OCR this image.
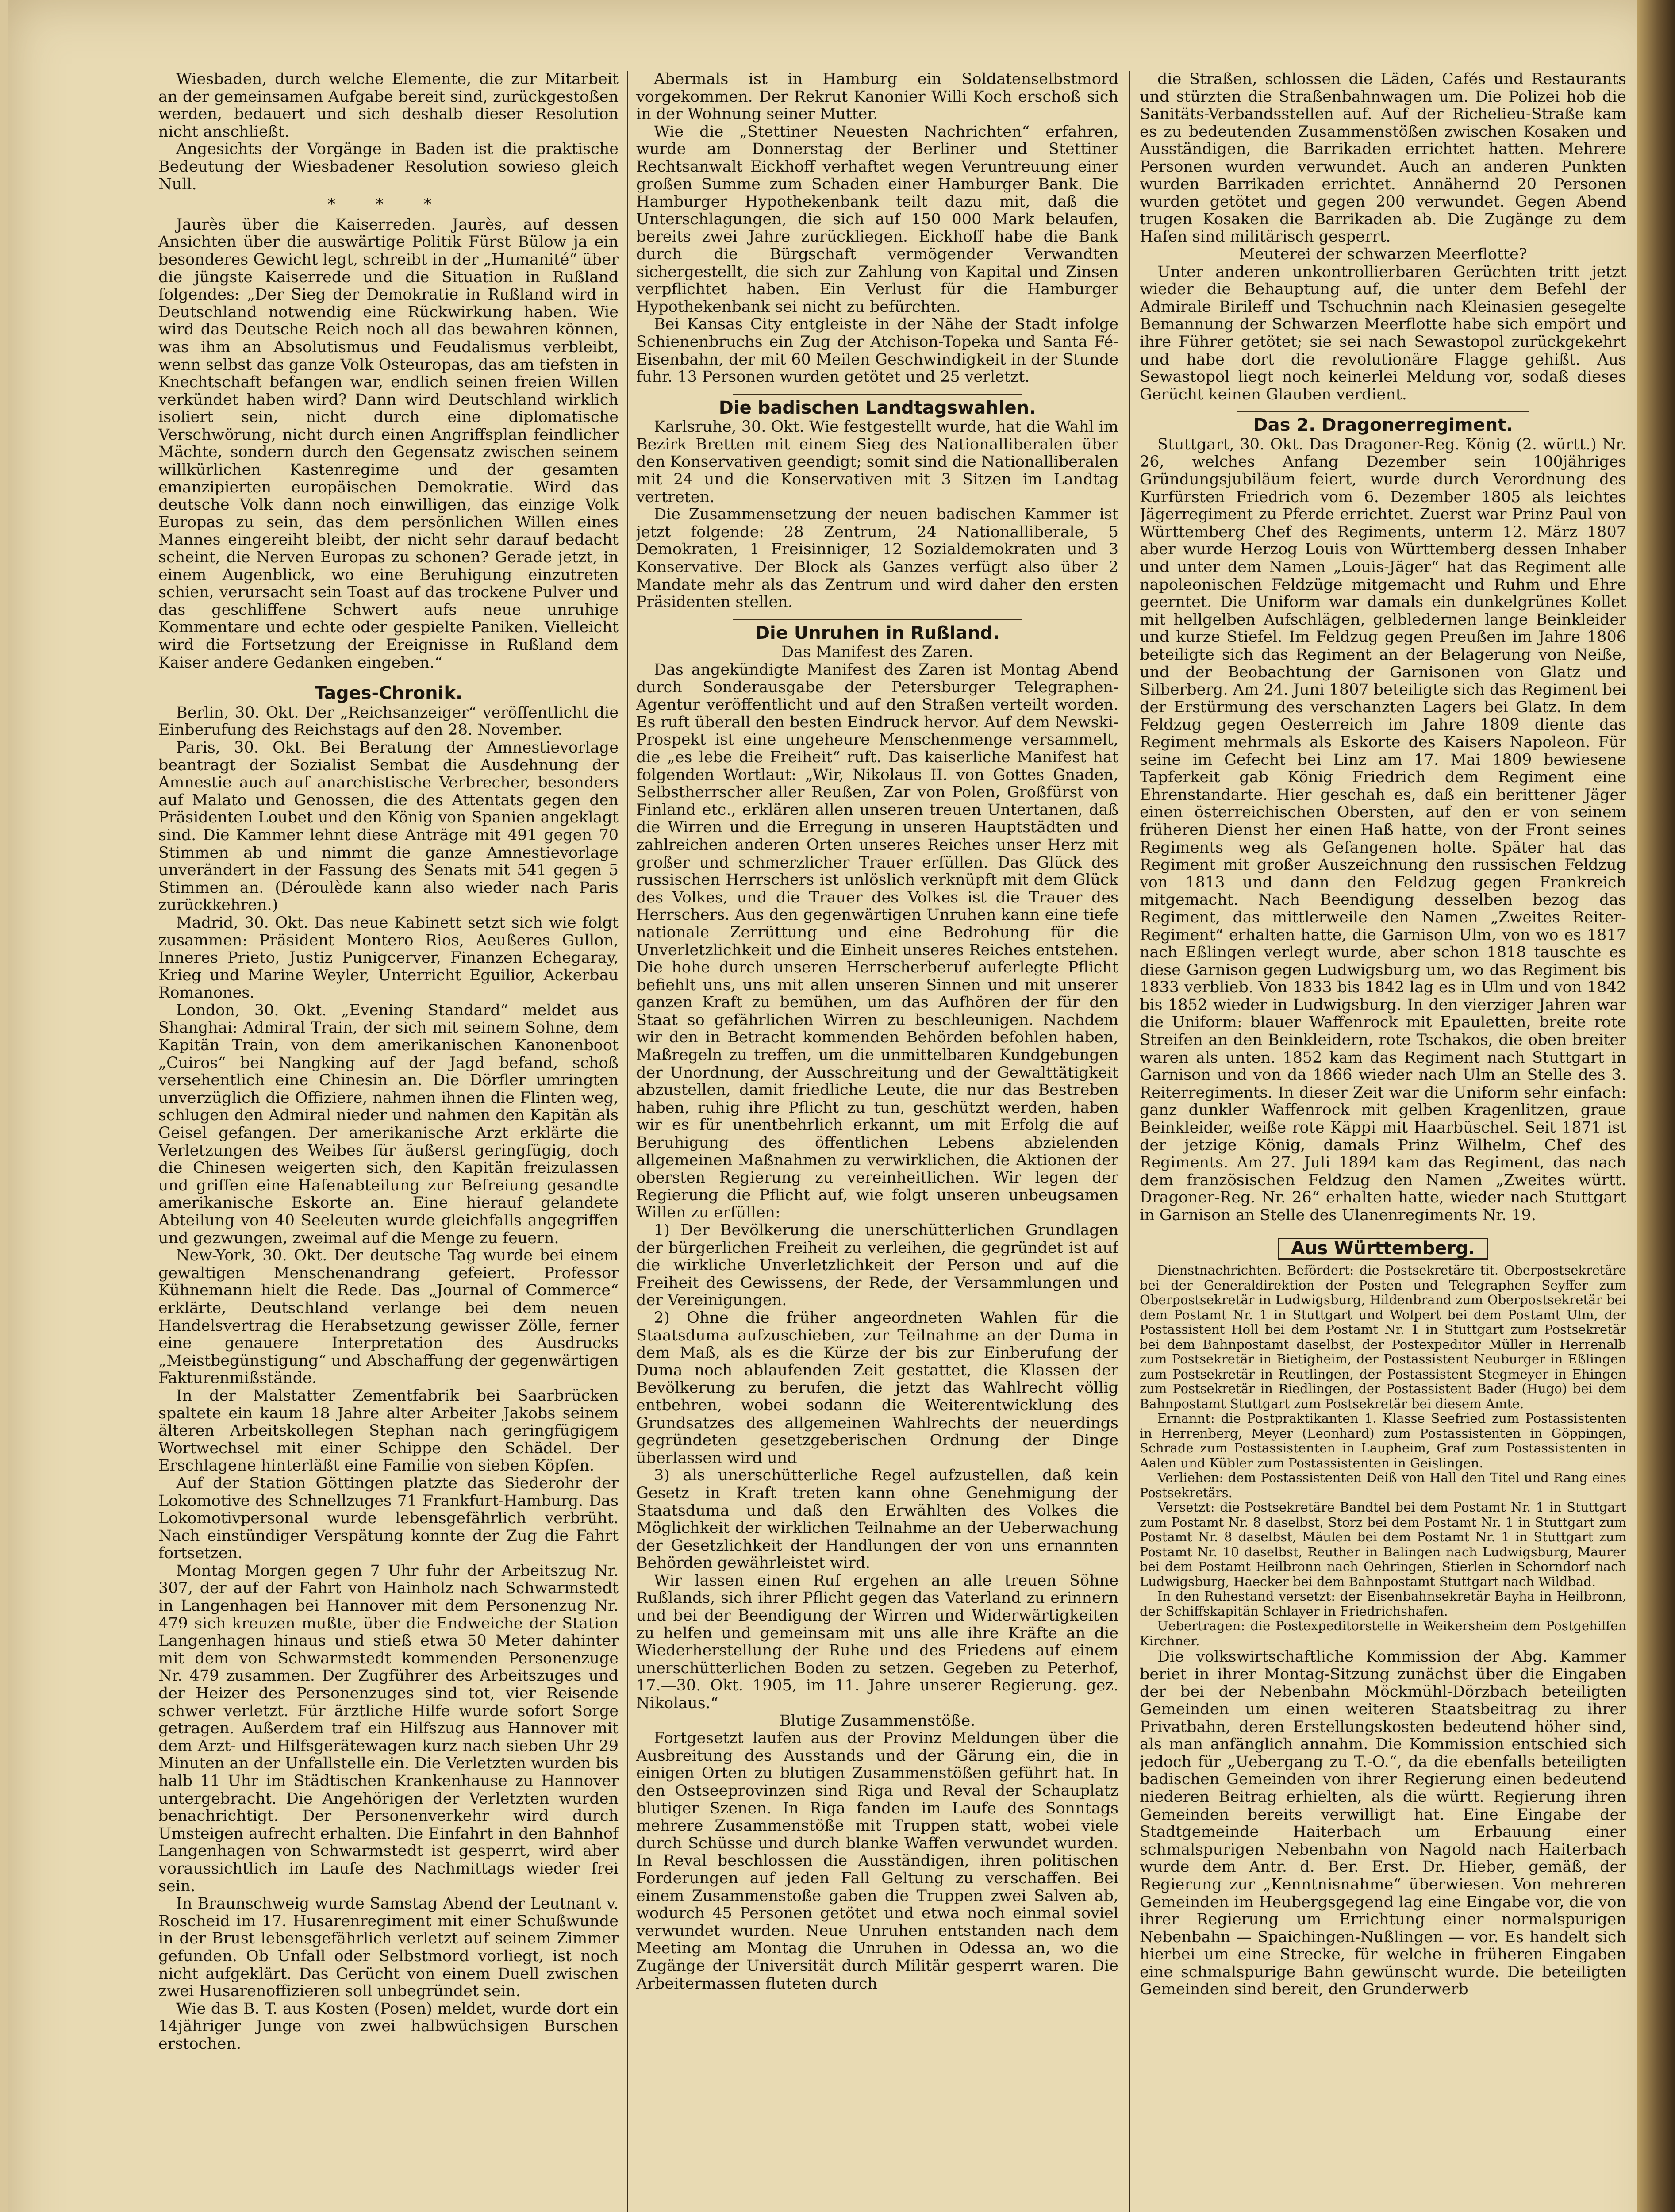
Wiesbaden, durch welche Elemente, die zur Mitarbeit an der gemeinsamen Aufgabe bereit sind, zurückgestoßen werden, bedauert und sich deshalb dieser Resolution nicht anschließt.

Angesichts der Vorgänge in Baden ist die praktische Bedeutung der Wiesbadener Resolution sowieso gleich Null.

* * *

Jaurès über die Kaiserreden. Jaurès, auf dessen Ansichten über die auswärtige Politik Fürst Bülow ja ein besonderes Gewicht legt, schreibt in der „Humanité“ über die jüngste Kaiserrede und die Situation in Rußland folgendes: „Der Sieg der Demokratie in Rußland wird in Deutschland notwendig eine Rückwirkung haben. Wie wird das Deutsche Reich noch all das bewahren können, was ihm an Absolutismus und Feudalismus verbleibt, wenn selbst das ganze Volk Osteuropas, das am tiefsten in Knechtschaft befangen war, endlich seinen freien Willen verkündet haben wird? Dann wird Deutschland wirklich isoliert sein, nicht durch eine diplomatische Verschwörung, nicht durch einen Angriffsplan feindlicher Mächte, sondern durch den Gegensatz zwischen seinem willkürlichen Kastenregime und der gesamten emanzipierten europäischen Demokratie. Wird das deutsche Volk dann noch einwilligen, das einzige Volk Europas zu sein, das dem persönlichen Willen eines Mannes eingereiht bleibt, der nicht sehr darauf bedacht scheint, die Nerven Europas zu schonen? Gerade jetzt, in einem Augenblick, wo eine Beruhigung einzutreten schien, verursacht sein Toast auf das trockene Pulver und das geschliffene Schwert aufs neue unruhige Kommentare und echte oder gespielte Paniken. Vielleicht wird die Fortsetzung der Ereignisse in Rußland dem Kaiser andere Gedanken eingeben.“

Tages-Chronik.

Berlin, 30. Okt. Der „Reichsanzeiger“ veröffentlicht die Einberufung des Reichstags auf den 28. November.

Paris, 30. Okt. Bei Beratung der Amnestievorlage beantragt der Sozialist Sembat die Ausdehnung der Amnestie auch auf anarchistische Verbrecher, besonders auf Malato und Genossen, die des Attentats gegen den Präsidenten Loubet und den König von Spanien angeklagt sind. Die Kammer lehnt diese Anträge mit 491 gegen 70 Stimmen ab und nimmt die ganze Amnestievorlage unverändert in der Fassung des Senats mit 541 gegen 5 Stimmen an. (Déroulède kann also wieder nach Paris zurückkehren.)

Madrid, 30. Okt. Das neue Kabinett setzt sich wie folgt zusammen: Präsident Montero Rios, Aeußeres Gullon, Inneres Prieto, Justiz Punigcerver, Finanzen Echegaray, Krieg und Marine Weyler, Unterricht Eguilior, Ackerbau Romanones.

London, 30. Okt. „Evening Standard“ meldet aus Shanghai: Admiral Train, der sich mit seinem Sohne, dem Kapitän Train, von dem amerikanischen Kanonenboot „Cuiros“ bei Nangking auf der Jagd befand, schoß versehentlich eine Chinesin an. Die Dörfler umringten unverzüglich die Offiziere, nahmen ihnen die Flinten weg, schlugen den Admiral nieder und nahmen den Kapitän als Geisel gefangen. Der amerikanische Arzt erklärte die Verletzungen des Weibes für äußerst geringfügig, doch die Chinesen weigerten sich, den Kapitän freizulassen und griffen eine Hafenabteilung zur Befreiung gesandte amerikanische Eskorte an. Eine hierauf gelandete Abteilung von 40 Seeleuten wurde gleichfalls angegriffen und gezwungen, zweimal auf die Menge zu feuern.

New-York, 30. Okt. Der deutsche Tag wurde bei einem gewaltigen Menschenandrang gefeiert. Professor Kühnemann hielt die Rede. Das „Journal of Commerce“ erklärte, Deutschland verlange bei dem neuen Handelsvertrag die Herabsetzung gewisser Zölle, ferner eine genauere Interpretation des Ausdrucks „Meistbegünstigung“ und Abschaffung der gegenwärtigen Fakturenmißstände.

In der Malstatter Zementfabrik bei Saarbrücken spaltete ein kaum 18 Jahre alter Arbeiter Jakobs seinem älteren Arbeitskollegen Stephan nach geringfügigem Wortwechsel mit einer Schippe den Schädel. Der Erschlagene hinterläßt eine Familie von sieben Köpfen.

Auf der Station Göttingen platzte das Siederohr der Lokomotive des Schnellzuges 71 Frankfurt-Hamburg. Das Lokomotivpersonal wurde lebensgefährlich verbrüht. Nach einstündiger Verspätung konnte der Zug die Fahrt fortsetzen.

Montag Morgen gegen 7 Uhr fuhr der Arbeitszug Nr. 307, der auf der Fahrt von Hainholz nach Schwarmstedt in Langenhagen bei Hannover mit dem Personenzug Nr. 479 sich kreuzen mußte, über die Endweiche der Station Langenhagen hinaus und stieß etwa 50 Meter dahinter mit dem von Schwarmstedt kommenden Personenzuge Nr. 479 zusammen. Der Zugführer des Arbeitszuges und der Heizer des Personenzuges sind tot, vier Reisende schwer verletzt. Für ärztliche Hilfe wurde sofort Sorge getragen. Außerdem traf ein Hilfszug aus Hannover mit dem Arzt- und Hilfsgerätewagen kurz nach sieben Uhr 29 Minuten an der Unfallstelle ein. Die Verletzten wurden bis halb 11 Uhr im Städtischen Krankenhause zu Hannover untergebracht. Die Angehörigen der Verletzten wurden benachrichtigt. Der Personenverkehr wird durch Umsteigen aufrecht erhalten. Die Einfahrt in den Bahnhof Langenhagen von Schwarmstedt ist gesperrt, wird aber voraussichtlich im Laufe des Nachmittags wieder frei sein.

In Braunschweig wurde Samstag Abend der Leutnant v. Roscheid im 17. Husarenregiment mit einer Schußwunde in der Brust lebensgefährlich verletzt auf seinem Zimmer gefunden. Ob Unfall oder Selbstmord vorliegt, ist noch nicht aufgeklärt. Das Gerücht von einem Duell zwischen zwei Husarenoffizieren soll unbegründet sein.

Wie das B. T. aus Kosten (Posen) meldet, wurde dort ein 14jähriger Junge von zwei halbwüchsigen Burschen erstochen.

Abermals ist in Hamburg ein Soldatenselbstmord vorgekommen. Der Rekrut Kanonier Willi Koch erschoß sich in der Wohnung seiner Mutter.

Wie die „Stettiner Neuesten Nachrichten“ erfahren, wurde am Donnerstag der Berliner und Stettiner Rechtsanwalt Eickhoff verhaftet wegen Veruntreuung einer großen Summe zum Schaden einer Hamburger Bank. Die Hamburger Hypothekenbank teilt dazu mit, daß die Unterschlagungen, die sich auf 150 000 Mark belaufen, bereits zwei Jahre zurückliegen. Eickhoff habe die Bank durch die Bürgschaft vermögender Verwandten sichergestellt, die sich zur Zahlung von Kapital und Zinsen verpflichtet haben. Ein Verlust für die Hamburger Hypothekenbank sei nicht zu befürchten.

Bei Kansas City entgleiste in der Nähe der Stadt infolge Schienenbruchs ein Zug der Atchison-Topeka und Santa Fé-Eisenbahn, der mit 60 Meilen Geschwindigkeit in der Stunde fuhr. 13 Personen wurden getötet und 25 verletzt.

Die badischen Landtagswahlen.

Karlsruhe, 30. Okt. Wie festgestellt wurde, hat die Wahl im Bezirk Bretten mit einem Sieg des Nationalliberalen über den Konservativen geendigt; somit sind die Nationalliberalen mit 24 und die Konservativen mit 3 Sitzen im Landtag vertreten.

Die Zusammensetzung der neuen badischen Kammer ist jetzt folgende: 28 Zentrum, 24 Nationalliberale, 5 Demokraten, 1 Freisinniger, 12 Sozialdemokraten und 3 Konservative. Der Block als Ganzes verfügt also über 2 Mandate mehr als das Zentrum und wird daher den ersten Präsidenten stellen.

Die Unruhen in Rußland.

Das Manifest des Zaren.

Das angekündigte Manifest des Zaren ist Montag Abend durch Sonderausgabe der Petersburger Telegraphen-Agentur veröffentlicht und auf den Straßen verteilt worden. Es ruft überall den besten Eindruck hervor. Auf dem Newski-Prospekt ist eine ungeheure Menschenmenge versammelt, die „es lebe die Freiheit“ ruft. Das kaiserliche Manifest hat folgenden Wortlaut: „Wir, Nikolaus II. von Gottes Gnaden, Selbstherrscher aller Reußen, Zar von Polen, Großfürst von Finland etc., erklären allen unseren treuen Untertanen, daß die Wirren und die Erregung in unseren Hauptstädten und zahlreichen anderen Orten unseres Reiches unser Herz mit großer und schmerzlicher Trauer erfüllen. Das Glück des russischen Herrschers ist unlöslich verknüpft mit dem Glück des Volkes, und die Trauer des Volkes ist die Trauer des Herrschers. Aus den gegenwärtigen Unruhen kann eine tiefe nationale Zerrüttung und eine Bedrohung für die Unverletzlichkeit und die Einheit unseres Reiches entstehen. Die hohe durch unseren Herrscherberuf auferlegte Pflicht befiehlt uns, uns mit allen unseren Sinnen und mit unserer ganzen Kraft zu bemühen, um das Aufhören der für den Staat so gefährlichen Wirren zu beschleunigen. Nachdem wir den in Betracht kommenden Behörden befohlen haben, Maßregeln zu treffen, um die unmittelbaren Kundgebungen der Unordnung, der Ausschreitung und der Gewalttätigkeit abzustellen, damit friedliche Leute, die nur das Bestreben haben, ruhig ihre Pflicht zu tun, geschützt werden, haben wir es für unentbehrlich erkannt, um mit Erfolg die auf Beruhigung des öffentlichen Lebens abzielenden allgemeinen Maßnahmen zu verwirklichen, die Aktionen der obersten Regierung zu vereinheitlichen. Wir legen der Regierung die Pflicht auf, wie folgt unseren unbeugsamen Willen zu erfüllen:

1) Der Bevölkerung die unerschütterlichen Grundlagen der bürgerlichen Freiheit zu verleihen, die gegründet ist auf die wirkliche Unverletzlichkeit der Person und auf die Freiheit des Gewissens, der Rede, der Versammlungen und der Vereinigungen.

2) Ohne die früher angeordneten Wahlen für die Staatsduma aufzuschieben, zur Teilnahme an der Duma in dem Maß, als es die Kürze der bis zur Einberufung der Duma noch ablaufenden Zeit gestattet, die Klassen der Bevölkerung zu berufen, die jetzt das Wahlrecht völlig entbehren, wobei sodann die Weiterentwicklung des Grundsatzes des allgemeinen Wahlrechts der neuerdings gegründeten gesetzgeberischen Ordnung der Dinge überlassen wird und

3) als unerschütterliche Regel aufzustellen, daß kein Gesetz in Kraft treten kann ohne Genehmigung der Staatsduma und daß den Erwählten des Volkes die Möglichkeit der wirklichen Teilnahme an der Ueberwachung der Gesetzlichkeit der Handlungen der von uns ernannten Behörden gewährleistet wird.

Wir lassen einen Ruf ergehen an alle treuen Söhne Rußlands, sich ihrer Pflicht gegen das Vaterland zu erinnern und bei der Beendigung der Wirren und Widerwärtigkeiten zu helfen und gemeinsam mit uns alle ihre Kräfte an die Wiederherstellung der Ruhe und des Friedens auf einem unerschütterlichen Boden zu setzen. Gegeben zu Peterhof, 17.—30. Okt. 1905, im 11. Jahre unserer Regierung. gez. Nikolaus.“

Blutige Zusammenstöße.

Fortgesetzt laufen aus der Provinz Meldungen über die Ausbreitung des Ausstands und der Gärung ein, die in einigen Orten zu blutigen Zusammenstößen geführt hat. In den Ostseeprovinzen sind Riga und Reval der Schauplatz blutiger Szenen. In Riga fanden im Laufe des Sonntags mehrere Zusammenstöße mit Truppen statt, wobei viele durch Schüsse und durch blanke Waffen verwundet wurden. In Reval beschlossen die Ausständigen, ihren politischen Forderungen auf jeden Fall Geltung zu verschaffen. Bei einem Zusammenstoße gaben die Truppen zwei Salven ab, wodurch 45 Personen getötet und etwa noch einmal soviel verwundet wurden. Neue Unruhen entstanden nach dem Meeting am Montag die Unruhen in Odessa an, wo die Zugänge der Universität durch Militär gesperrt waren. Die Arbeitermassen fluteten durch

die Straßen, schlossen die Läden, Cafés und Restaurants und stürzten die Straßenbahnwagen um. Die Polizei hob die Sanitäts-Verbandsstellen auf. Auf der Richelieu-Straße kam es zu bedeutenden Zusammenstößen zwischen Kosaken und Ausständigen, die Barrikaden errichtet hatten. Mehrere Personen wurden verwundet. Auch an anderen Punkten wurden Barrikaden errichtet. Annähernd 20 Personen wurden getötet und gegen 200 verwundet. Gegen Abend trugen Kosaken die Barrikaden ab. Die Zugänge zu dem Hafen sind militärisch gesperrt.

Meuterei der schwarzen Meerflotte?

Unter anderen unkontrollierbaren Gerüchten tritt jetzt wieder die Behauptung auf, die unter dem Befehl der Admirale Birileff und Tschuchnin nach Kleinasien gesegelte Bemannung der Schwarzen Meerflotte habe sich empört und ihre Führer getötet; sie sei nach Sewastopol zurückgekehrt und habe dort die revolutionäre Flagge gehißt. Aus Sewastopol liegt noch keinerlei Meldung vor, sodaß dieses Gerücht keinen Glauben verdient.

Das 2. Dragonerregiment.

Stuttgart, 30. Okt. Das Dragoner-Reg. König (2. württ.) Nr. 26, welches Anfang Dezember sein 100jähriges Gründungsjubiläum feiert, wurde durch Verordnung des Kurfürsten Friedrich vom 6. Dezember 1805 als leichtes Jägerregiment zu Pferde errichtet. Zuerst war Prinz Paul von Württemberg Chef des Regiments, unterm 12. März 1807 aber wurde Herzog Louis von Württemberg dessen Inhaber und unter dem Namen „Louis-Jäger“ hat das Regiment alle napoleonischen Feldzüge mitgemacht und Ruhm und Ehre geerntet. Die Uniform war damals ein dunkelgrünes Kollet mit hellgelben Aufschlägen, gelbledernen lange Beinkleider und kurze Stiefel. Im Feldzug gegen Preußen im Jahre 1806 beteiligte sich das Regiment an der Belagerung von Neiße, und der Beobachtung der Garnisonen von Glatz und Silberberg. Am 24. Juni 1807 beteiligte sich das Regiment bei der Erstürmung des verschanzten Lagers bei Glatz. In dem Feldzug gegen Oesterreich im Jahre 1809 diente das Regiment mehrmals als Eskorte des Kaisers Napoleon. Für seine im Gefecht bei Linz am 17. Mai 1809 bewiesene Tapferkeit gab König Friedrich dem Regiment eine Ehrenstandarte. Hier geschah es, daß ein berittener Jäger einen österreichischen Obersten, auf den er von seinem früheren Dienst her einen Haß hatte, von der Front seines Regiments weg als Gefangenen holte. Später hat das Regiment mit großer Auszeichnung den russischen Feldzug von 1813 und dann den Feldzug gegen Frankreich mitgemacht. Nach Beendigung desselben bezog das Regiment, das mittlerweile den Namen „Zweites Reiter-Regiment“ erhalten hatte, die Garnison Ulm, von wo es 1817 nach Eßlingen verlegt wurde, aber schon 1818 tauschte es diese Garnison gegen Ludwigsburg um, wo das Regiment bis 1833 verblieb. Von 1833 bis 1842 lag es in Ulm und von 1842 bis 1852 wieder in Ludwigsburg. In den vierziger Jahren war die Uniform: blauer Waffenrock mit Epauletten, breite rote Streifen an den Beinkleidern, rote Tschakos, die oben breiter waren als unten. 1852 kam das Regiment nach Stuttgart in Garnison und von da 1866 wieder nach Ulm an Stelle des 3. Reiterregiments. In dieser Zeit war die Uniform sehr einfach: ganz dunkler Waffenrock mit gelben Kragenlitzen, graue Beinkleider, weiße rote Käppi mit Haarbüschel. Seit 1871 ist der jetzige König, damals Prinz Wilhelm, Chef des Regiments. Am 27. Juli 1894 kam das Regiment, das nach dem französischen Feldzug den Namen „Zweites württ. Dragoner-Reg. Nr. 26“ erhalten hatte, wieder nach Stuttgart in Garnison an Stelle des Ulanenregiments Nr. 19.

Aus Württemberg.

Dienstnachrichten. Befördert: die Postsekretäre tit. Oberpostsekretäre bei der Generaldirektion der Posten und Telegraphen Seyffer zum Oberpostsekretär in Ludwigsburg, Hildenbrand zum Oberpostsekretär bei dem Postamt Nr. 1 in Stuttgart und Wolpert bei dem Postamt Ulm, der Postassistent Holl bei dem Postamt Nr. 1 in Stuttgart zum Postsekretär bei dem Bahnpostamt daselbst, der Postexpeditor Müller in Herrenalb zum Postsekretär in Bietigheim, der Postassistent Neuburger in Eßlingen zum Postsekretär in Reutlingen, der Postassistent Stegmeyer in Ehingen zum Postsekretär in Riedlingen, der Postassistent Bader (Hugo) bei dem Bahnpostamt Stuttgart zum Postsekretär bei diesem Amte.

Ernannt: die Postpraktikanten 1. Klasse Seefried zum Postassistenten in Herrenberg, Meyer (Leonhard) zum Postassistenten in Göppingen, Schrade zum Postassistenten in Laupheim, Graf zum Postassistenten in Aalen und Kübler zum Postassistenten in Geislingen.

Verliehen: dem Postassistenten Deiß von Hall den Titel und Rang eines Postsekretärs.

Versetzt: die Postsekretäre Bandtel bei dem Postamt Nr. 1 in Stuttgart zum Postamt Nr. 8 daselbst, Storz bei dem Postamt Nr. 1 in Stuttgart zum Postamt Nr. 8 daselbst, Mäulen bei dem Postamt Nr. 1 in Stuttgart zum Postamt Nr. 10 daselbst, Reuther in Balingen nach Ludwigsburg, Maurer bei dem Postamt Heilbronn nach Oehringen, Stierlen in Schorndorf nach Ludwigsburg, Haecker bei dem Bahnpostamt Stuttgart nach Wildbad.

In den Ruhestand versetzt: der Eisenbahnsekretär Bayha in Heilbronn, der Schiffskapitän Schlayer in Friedrichshafen.

Uebertragen: die Postexpeditorstelle in Weikersheim dem Postgehilfen Kirchner.

Die volkswirtschaftliche Kommission der Abg. Kammer beriet in ihrer Montag-Sitzung zunächst über die Eingaben der bei der Nebenbahn Möckmühl-Dörzbach beteiligten Gemeinden um einen weiteren Staatsbeitrag zu ihrer Privatbahn, deren Erstellungskosten bedeutend höher sind, als man anfänglich annahm. Die Kommission entschied sich jedoch für „Uebergang zu T.-O.“, da die ebenfalls beteiligten badischen Gemeinden von ihrer Regierung einen bedeutend niederen Beitrag erhielten, als die württ. Regierung ihren Gemeinden bereits verwilligt hat. Eine Eingabe der Stadtgemeinde Haiterbach um Erbauung einer schmalspurigen Nebenbahn von Nagold nach Haiterbach wurde dem Antr. d. Ber. Erst. Dr. Hieber, gemäß, der Regierung zur „Kenntnisnahme“ überwiesen. Von mehreren Gemeinden im Heubergsgegend lag eine Eingabe vor, die von ihrer Regierung um Errichtung einer normalspurigen Nebenbahn — Spaichingen-Nußlingen — vor. Es handelt sich hierbei um eine Strecke, für welche in früheren Eingaben eine schmalspurige Bahn gewünscht wurde. Die beteiligten Gemeinden sind bereit, den Grunderwerb
